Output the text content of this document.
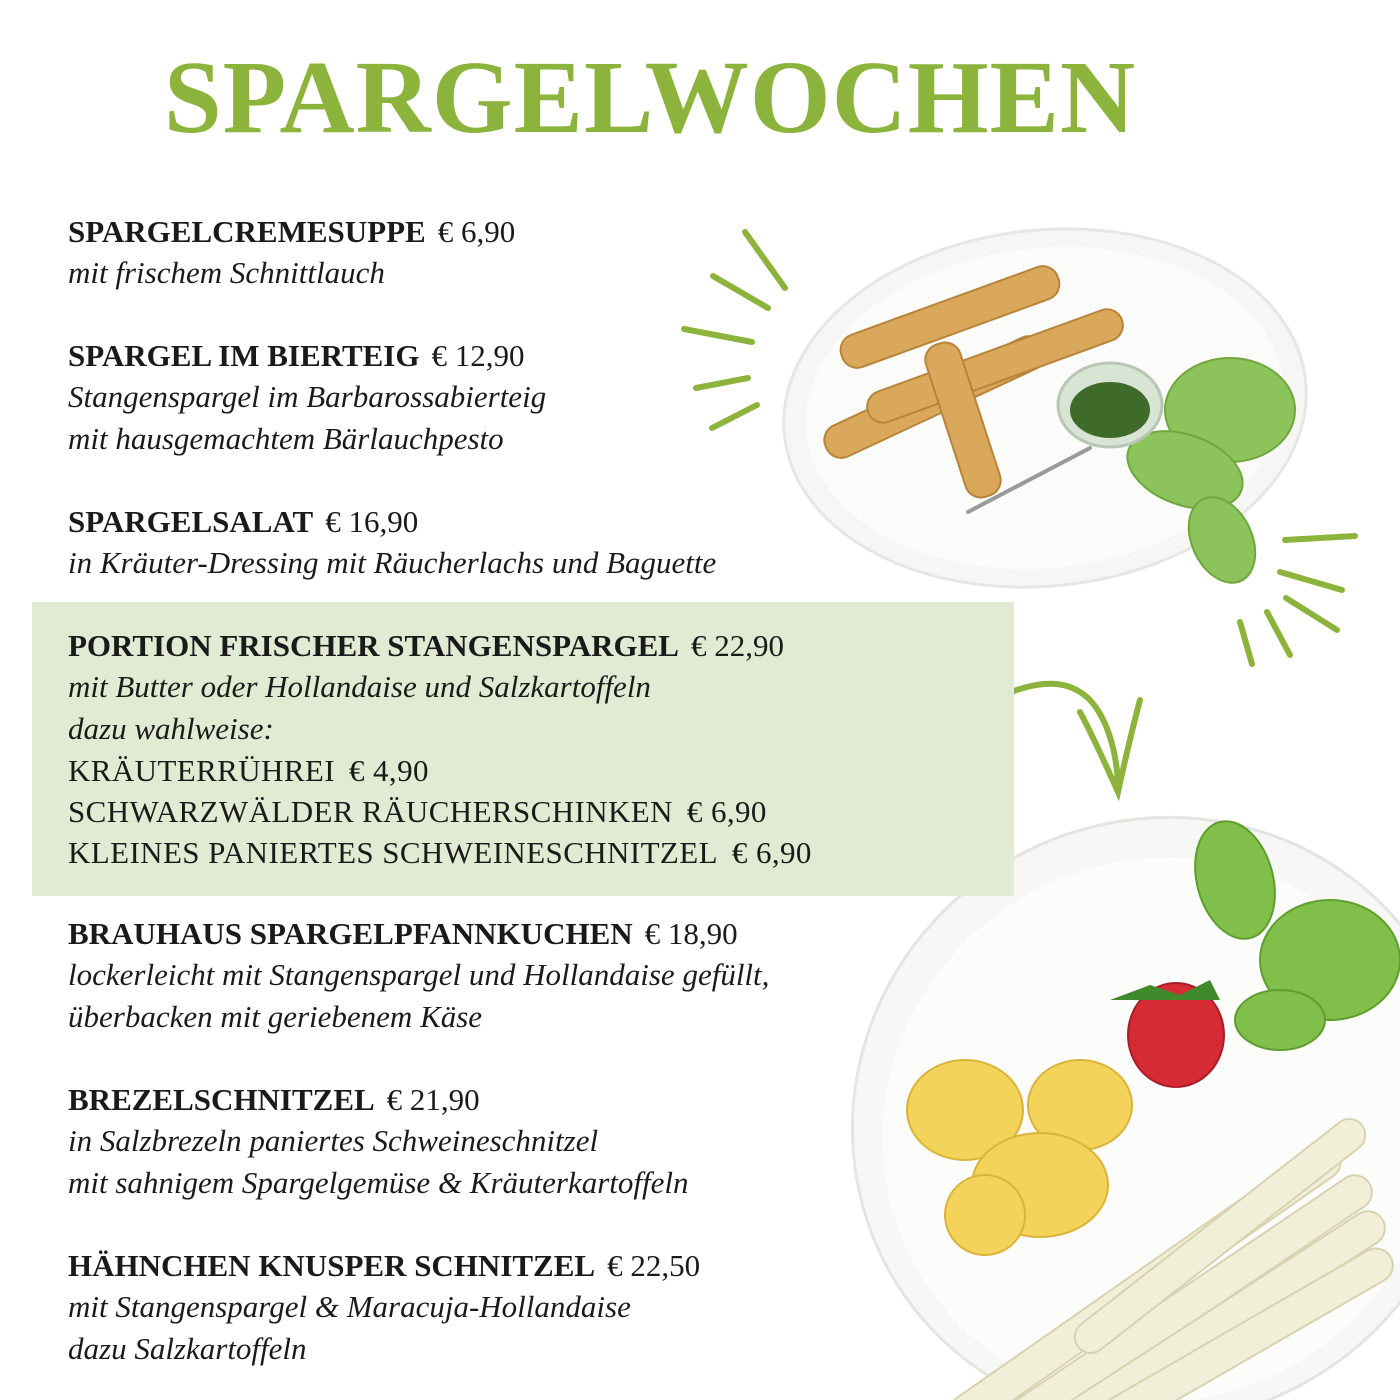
SPARGELWOCHEN
SPARGELCREMESUPPE € 6,90
mit frischem Schnittlauch
SPARGEL IM BIERTEIG € 12,90
Stangenspargel im Barbarossabierteig
mit hausgemachtem Bärlauchpesto
SPARGELSALAT € 16,90
in Kräuter-Dressing mit Räucherlachs und Baguette
PORTION FRISCHER STANGENSPARGEL € 22,90
mit Butter oder Hollandaise und Salzkartoffeln
dazu wahlweise:
KRÄUTERRÜHREI € 4,90
SCHWARZWÄLDER RÄUCHERSCHINKEN € 6,90
KLEINES PANIERTES SCHWEINESCHNITZEL € 6,90
BRAUHAUS SPARGELPFANNKUCHEN € 18,90
lockerleicht mit Stangenspargel und Hollandaise gefüllt,
überbacken mit geriebenem Käse
BREZELSCHNITZEL € 21,90
in Salzbrezeln paniertes Schweineschnitzel
mit sahnigem Spargelgemüse & Kräuterkartoffeln
HÄHNCHEN KNUSPER SCHNITZEL € 22,50
mit Stangenspargel & Maracuja-Hollandaise
dazu Salzkartoffeln
